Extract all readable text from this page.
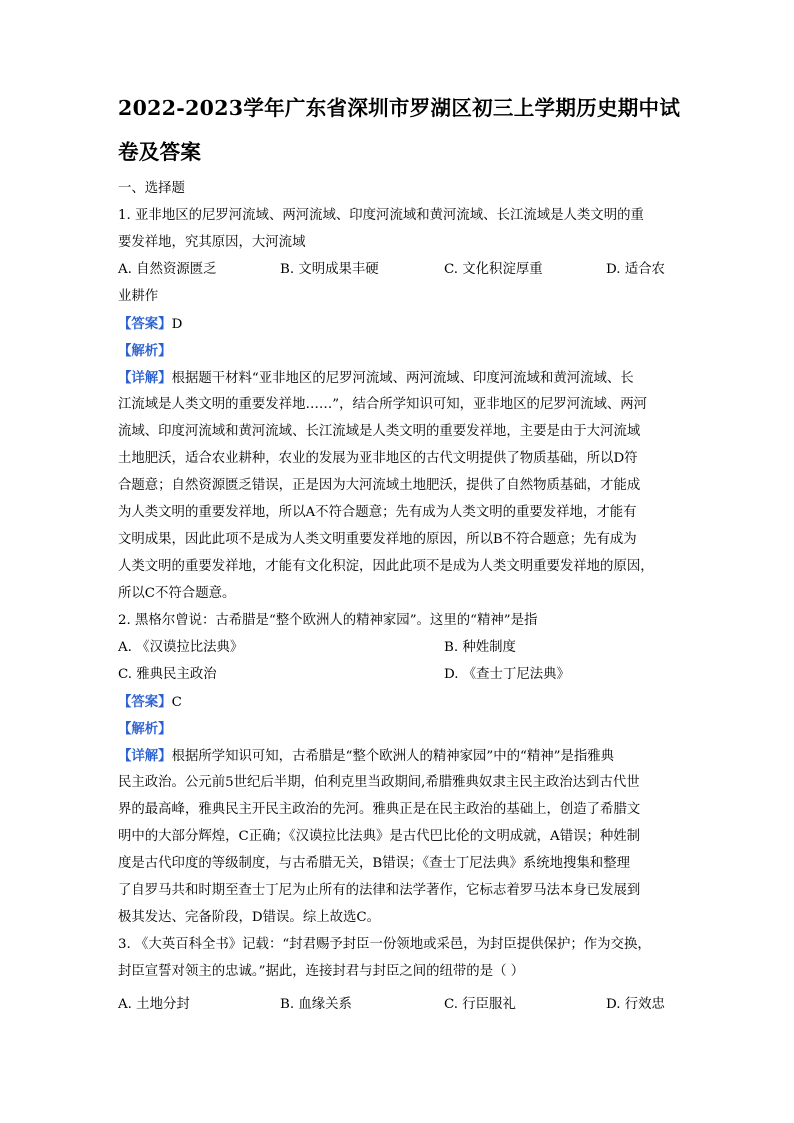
2022-2023学年广东省深圳市罗湖区初三上学期历史期中试
卷及答案
一、选择题
1. 亚非地区的尼罗河流域、两河流域、印度河流域和黄河流域、长江流域是人类文明的重
要发祥地，究其原因，大河流域
A. 自然资源匮乏	B. 文明成果丰硬	C. 文化积淀厚重	D. 适合农
业耕作
【答案】D
【解析】
【详解】根据题干材料“亚非地区的尼罗河流域、两河流域、印度河流域和黄河流域、长
江流域是人类文明的重要发祥地……”，结合所学知识可知，亚非地区的尼罗河流域、两河
流域、印度河流域和黄河流域、长江流域是人类文明的重要发祥地，主要是由于大河流域
土地肥沃，适合农业耕种，农业的发展为亚非地区的古代文明提供了物质基础，所以D符
合题意；自然资源匮乏错误，正是因为大河流域土地肥沃，提供了自然物质基础，才能成
为人类文明的重要发祥地，所以A不符合题意；先有成为人类文明的重要发祥地，才能有
文明成果，因此此项不是成为人类文明重要发祥地的原因，所以B不符合题意；先有成为
人类文明的重要发祥地，才能有文化积淀，因此此项不是成为人类文明重要发祥地的原因，
所以C不符合题意。
2. 黑格尔曾说：古希腊是“整个欧洲人的精神家园”。这里的“精神”是指
A. 《汉谟拉比法典》	B. 种姓制度
C. 雅典民主政治	D. 《查士丁尼法典》
【答案】C
【解析】
【详解】根据所学知识可知，古希腊是“整个欧洲人的精神家园”中的“精神”是指雅典
民主政治。公元前5世纪后半期，伯利克里当政期间,希腊雅典奴隶主民主政治达到古代世
界的最高峰，雅典民主开民主政治的先河。雅典正是在民主政治的基础上，创造了希腊文
明中的大部分辉煌，C正确；《汉谟拉比法典》是古代巴比伦的文明成就，A错误；种姓制
度是古代印度的等级制度，与古希腊无关，B错误；《查士丁尼法典》系统地搜集和整理
了自罗马共和时期至查士丁尼为止所有的法律和法学著作，它标志着罗马法本身已发展到
极其发达、完备阶段，D错误。综上故选C。
3. 《大英百科全书》记载：“封君赐予封臣一份领地或采邑，为封臣提供保护；作为交换，
封臣宣誓对领主的忠诚。”据此，连接封君与封臣之间的纽带的是（ ）
A. 土地分封	B. 血缘关系	C. 行臣服礼	D. 行效忠
